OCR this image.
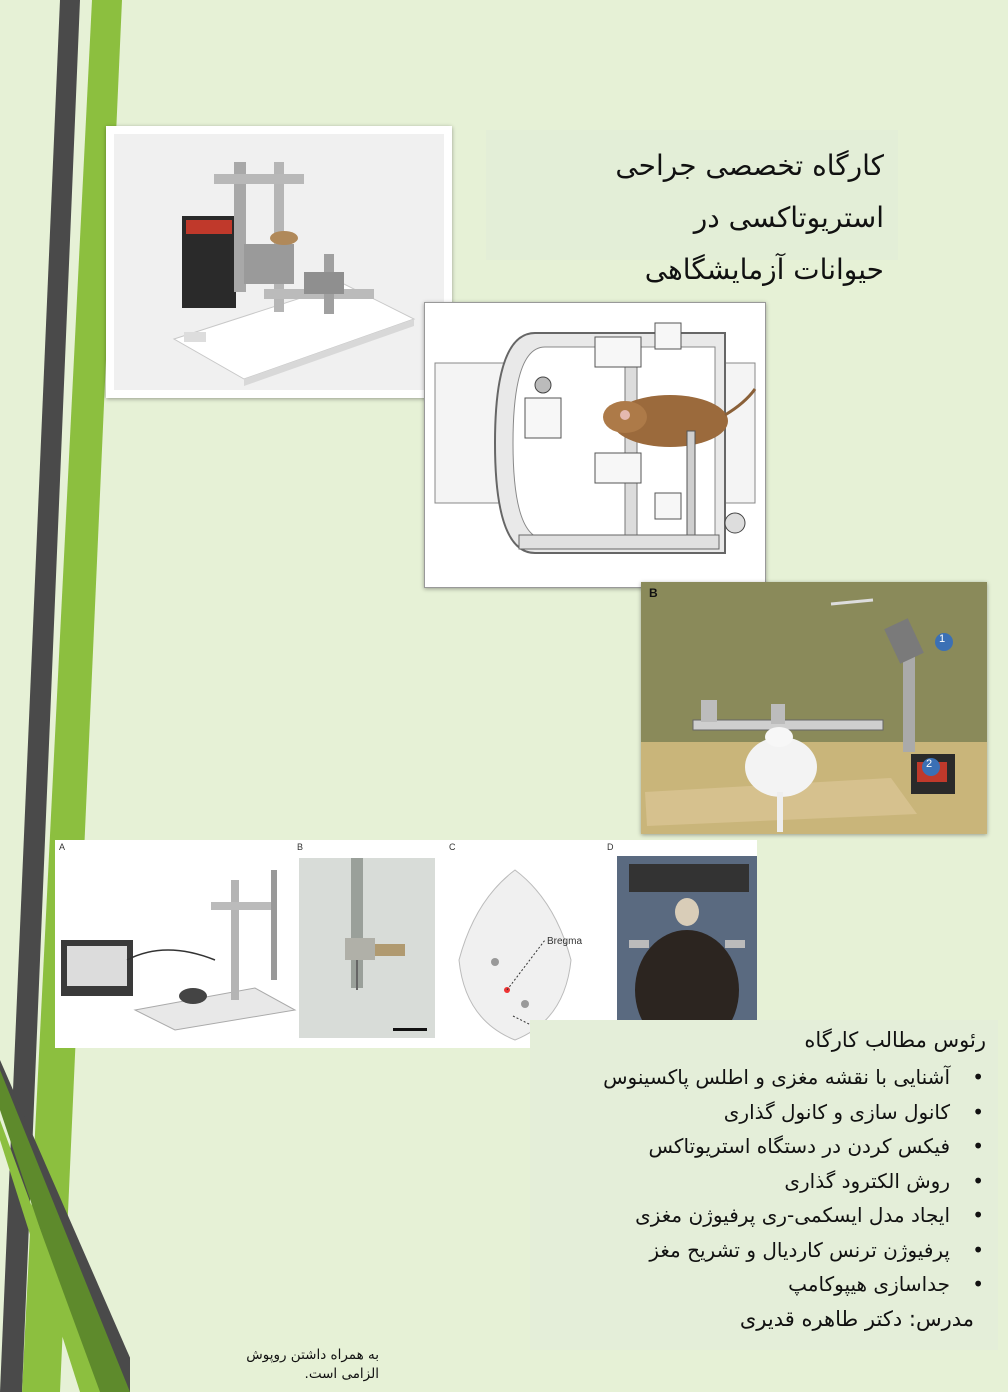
کارگاه تخصصی جراحی استریوتاکسی در
حیوانات آزمایشگاهی
B
1
2
A	B	C	D
Bregma
رئوس مطالب کارگاه
• آشنایی با نقشه مغزی و اطلس پاکسینوس
• کانول سازی و کانول گذاری
• فیکس کردن در دستگاه استریوتاکس
• روش الکترود گذاری
• ایجاد مدل ایسکمی-ری پرفیوژن مغزی
• پرفیوژن ترنس کاردیال و تشریح مغز
• جداسازی هیپوکامپ
مدرس: دکتر طاهره قدیری
به همراه داشتن روپوش
الزامی است.
